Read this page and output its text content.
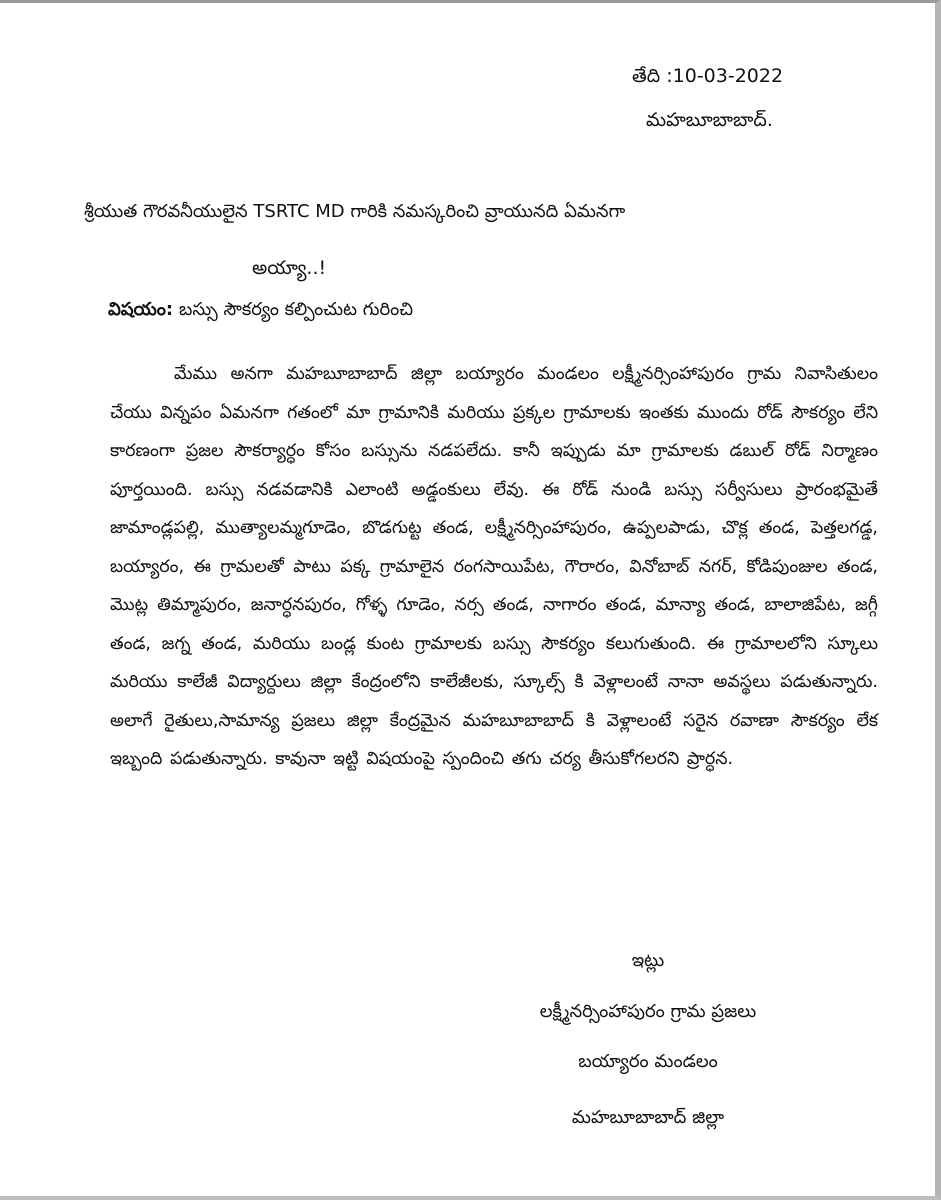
తేది :10-03-2022
మహబూబాబాద్.
శ్రీయుత గౌరవనీయులైన TSRTC MD గారికి నమస్కరించి వ్రాయునది ఏమనగా
అయ్యా..!
విషయం: బస్సు సౌకర్యం కల్పించుట గురించి
మేము అనగా మహబూబాబాద్ జిల్లా బయ్యారం మండలం లక్ష్మీనర్సింహాపురం గ్రామ నివాసితులం చేయు విన్నపం ఏమనగా గతంలో మా గ్రామానికి మరియు ప్రక్కల గ్రామాలకు ఇంతకు ముందు రోడ్ సౌకర్యం లేని కారణంగా ప్రజల సౌకర్యార్ధం కోసం బస్సును నడపలేదు. కానీ ఇప్పుడు మా గ్రామాలకు డబుల్ రోడ్ నిర్మాణం పూర్తయింది. బస్సు నడవడానికి ఎలాంటి అడ్డంకులు లేవు. ఈ రోడ్ నుండి బస్సు సర్వీసులు ప్రారంభమైతే జామాండ్లపల్లి, ముత్యాలమ్మగూడెం, బొడగుట్ట తండ, లక్ష్మీనర్సింహాపురం, ఉప్పలపాడు, చొక్ల తండ, పెత్తలగడ్డ, బయ్యారం, ఈ గ్రామలతో పాటు పక్క గ్రామాలైన రంగసాయిపేట, గౌరారం, వినోబాబ్ నగర్, కోడిపుంజుల తండ, మొట్ల తిమ్మాపురం, జనార్ధనపురం, గోళ్ళ గూడెం, నర్స తండ, నాగారం తండ, మాన్యా తండ, బాలాజిపేట, జగ్గీ తండ, జగ్న తండ, మరియు బండ్ల కుంట గ్రామాలకు బస్సు సౌకర్యం కలుగుతుంది. ఈ గ్రామాలలోని స్కూలు మరియు కాలేజీ విద్యార్దులు జిల్లా కేంద్రంలోని కాలేజీలకు, స్కూల్స్ కి వెళ్లాలంటే నానా అవస్థలు పడుతున్నారు. అలాగే రైతులు,సామాన్య ప్రజలు జిల్లా కేంద్రమైన మహబూబాబాద్ కి వెళ్లాలంటే సరైన రవాణా సౌకర్యం లేక ఇబ్బంది పడుతున్నారు. కావునా ఇట్టి విషయంపై స్పందించి తగు చర్య తీసుకోగలరని ప్రార్ధన.
ఇట్లు
లక్ష్మీనర్సింహాపురం గ్రామ ప్రజలు
బయ్యారం మండలం
మహబూబాబాద్ జిల్లా
